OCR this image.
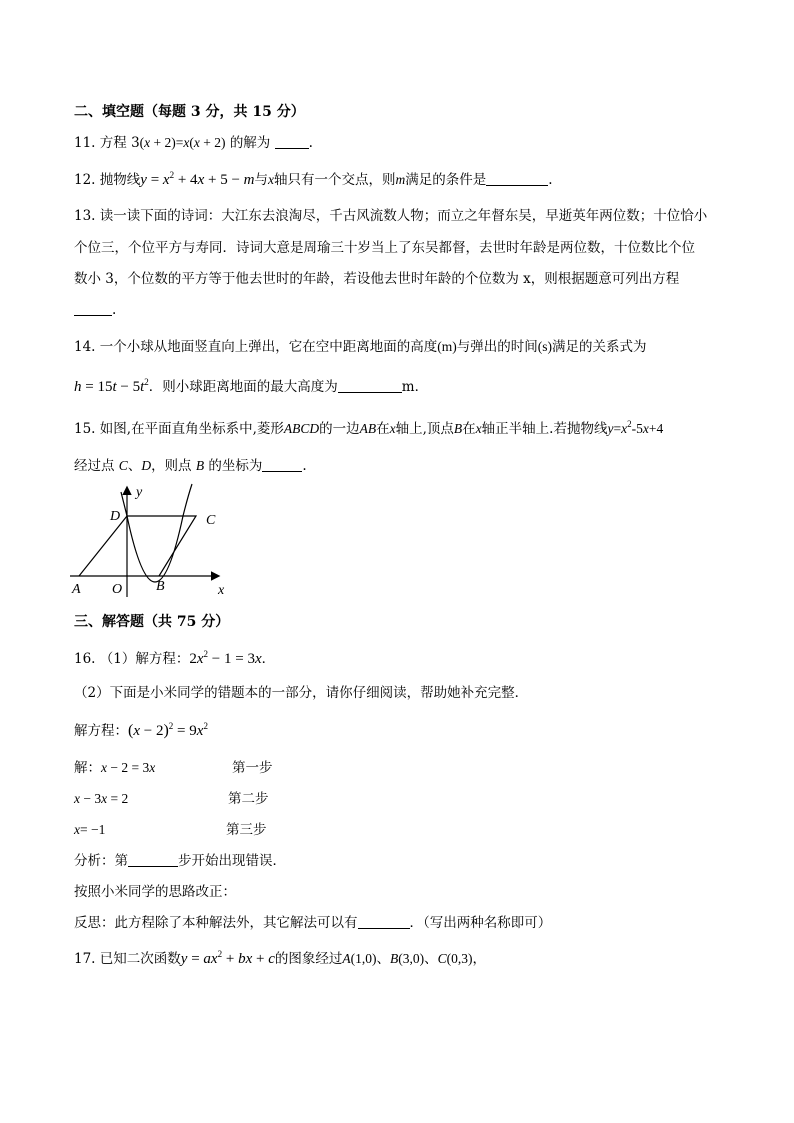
二、填空题（每题 3 分，共 15 分）
11. 方程 3(x + 2)=x(x + 2) 的解为	.
12. 抛物线$y = x^2 + 4x + 5 - m$与x轴只有一个交点，则m满足的条件是	.
13. 读一读下面的诗词：大江东去浪淘尽，千古风流数人物；而立之年督东吴，早逝英年两位数；十位恰小
个位三，个位平方与寿同．诗词大意是周瑜三十岁当上了东吴都督，去世时年龄是两位数，十位数比个位
数小 3，个位数的平方等于他去世时的年龄，若设他去世时年龄的个位数为 x，则根据题意可列出方程
.
14. 一个小球从地面竖直向上弹出，它在空中距离地面的高度(m)与弹出的时间(s)满足的关系式为
$h = 15t - 5t^2$．则小球距离地面的最大高度为	m．
15. 如图,在平面直角坐标系中,菱形ABCD的一边AB在x轴上,顶点B在x轴正半轴上.若抛物线$y=x^2-5x+4$
经过点 C、D，则点 B 的坐标为	.
y
x
D	C
A O B
三、解答题（共 75 分）
16. （1）解方程：$2x^2 - 1 = 3x$．
（2）下面是小米同学的错题本的一部分，请你仔细阅读，帮助她补充完整．
解方程：$(x - 2)^2 = 9x^2$
解：x − 2 = 3x	第一步
x − 3x = 2	第二步
x= −1	第三步
分析：第	步开始出现错误．
按照小米同学的思路改正：
反思：此方程除了本种解法外，其它解法可以有	．（写出两种名称即可）
17. 已知二次函数$y = ax^2$ + bx + c的图象经过A(1,0)、B(3,0)、C(0,3)，
